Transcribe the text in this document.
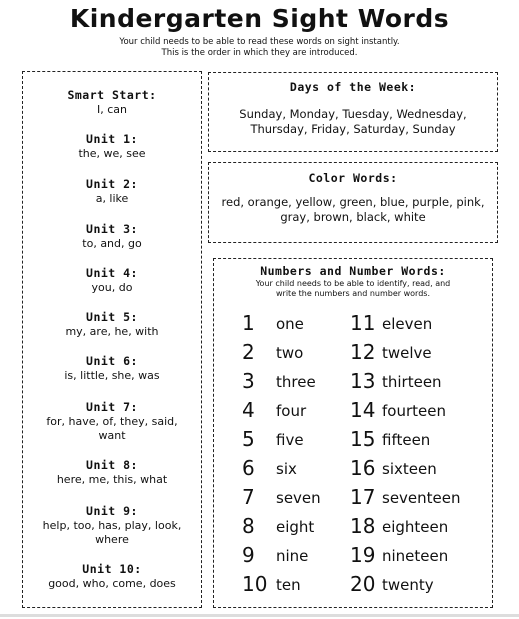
Kindergarten Sight Words
Your child needs to be able to read these words on sight instantly.
This is the order in which they are introduced.
Smart Start:
I, can
Unit 1:
the, we, see
Unit 2:
a, like
Unit 3:
to, and, go
Unit 4:
you, do
Unit 5:
my, are, he, with
Unit 6:
is, little, she, was
Unit 7:
for, have, of, they, said,
want
Unit 8:
here, me, this, what
Unit 9:
help, too, has, play, look,
where
Unit 10:
good, who, come, does
Days of the Week:
Sunday, Monday, Tuesday, Wednesday,
Thursday, Friday, Saturday, Sunday
Color Words:
red, orange, yellow, green, blue, purple, pink,
gray, brown, black, white
Numbers and Number Words:
Your child needs to be able to identify, read, and
write the numbers and number words.
1 one
2 two
3 three
4 four
5 five
6 six
7 seven
8 eight
9 nine
10 ten
11 eleven
12 twelve
13 thirteen
14 fourteen
15 fifteen
16 sixteen
17 seventeen
18 eighteen
19 nineteen
20 twenty
